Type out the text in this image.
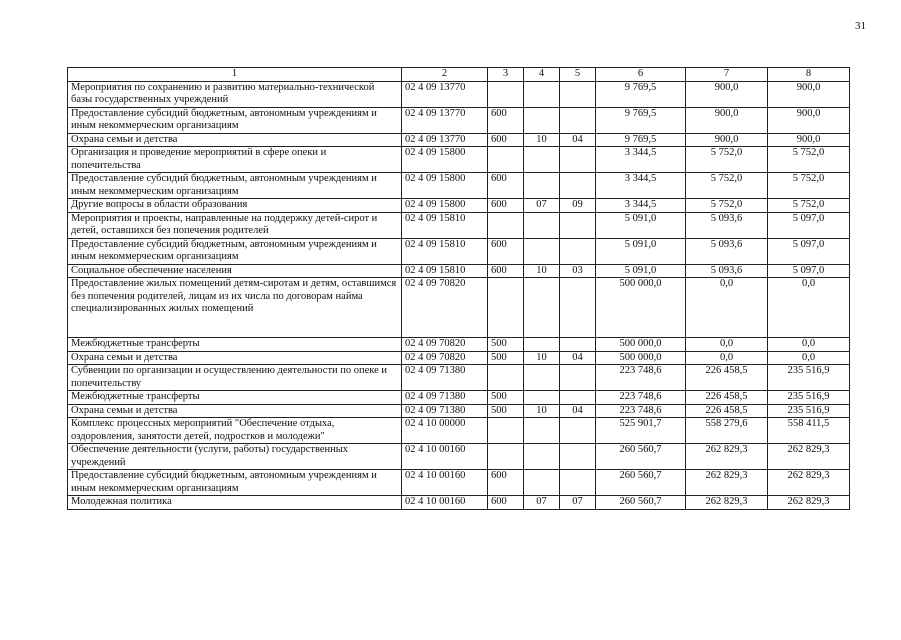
31
1	2	3	4	5	6	7	8
Мероприятия по сохранению и развитию материально-технической базы государственных учреждений	02 4 09 13770				9 769,5	900,0	900,0
Предоставление субсидий бюджетным, автономным учреждениям и иным некоммерческим организациям	02 4 09 13770	600			9 769,5	900,0	900,0
Охрана семьи и детства	02 4 09 13770	600	10	04	9 769,5	900,0	900,0
Организация и проведение мероприятий в сфере опеки и попечительства	02 4 09 15800				3 344,5	5 752,0	5 752,0
Предоставление субсидий бюджетным, автономным учреждениям и иным некоммерческим организациям	02 4 09 15800	600			3 344,5	5 752,0	5 752,0
Другие вопросы в области образования	02 4 09 15800	600	07	09	3 344,5	5 752,0	5 752,0
Мероприятия и проекты, направленные на поддержку детей-сирот и детей, оставшихся без попечения родителей	02 4 09 15810				5 091,0	5 093,6	5 097,0
Предоставление субсидий бюджетным, автономным учреждениям и иным некоммерческим организациям	02 4 09 15810	600			5 091,0	5 093,6	5 097,0
Социальное обеспечение населения	02 4 09 15810	600	10	03	5 091,0	5 093,6	5 097,0
Предоставление жилых помещений детям-сиротам и детям, оставшимся без попечения родителей, лицам из их числа по договорам найма специализированных жилых помещений	02 4 09 70820				500 000,0	0,0	0,0
Межбюджетные трансферты	02 4 09 70820	500			500 000,0	0,0	0,0
Охрана семьи и детства	02 4 09 70820	500	10	04	500 000,0	0,0	0,0
Субвенции по организации и осуществлению деятельности по опеке и попечительству	02 4 09 71380				223 748,6	226 458,5	235 516,9
Межбюджетные трансферты	02 4 09 71380	500			223 748,6	226 458,5	235 516,9
Охрана семьи и детства	02 4 09 71380	500	10	04	223 748,6	226 458,5	235 516,9
Комплекс процессных мероприятий "Обеспечение отдыха, оздоровления, занятости детей, подростков и молодежи"	02 4 10 00000				525 901,7	558 279,6	558 411,5
Обеспечение деятельности (услуги, работы) государственных учреждений	02 4 10 00160				260 560,7	262 829,3	262 829,3
Предоставление субсидий бюджетным, автономным учреждениям и иным некоммерческим организациям	02 4 10 00160	600			260 560,7	262 829,3	262 829,3
Молодежная политика	02 4 10 00160	600	07	07	260 560,7	262 829,3	262 829,3
